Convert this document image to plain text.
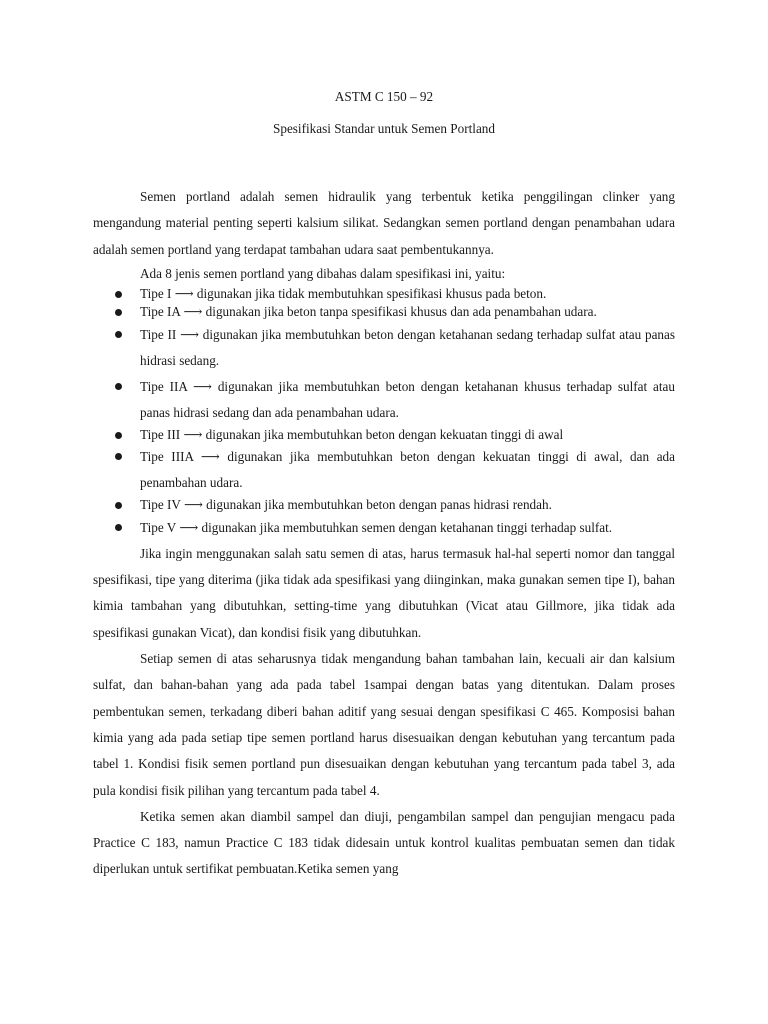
ASTM C 150 – 92
Spesifikasi Standar untuk Semen Portland

Semen portland adalah semen hidraulik yang terbentuk ketika penggilingan clinker yang mengandung material penting seperti kalsium silikat. Sedangkan semen portland dengan penambahan udara adalah semen portland yang terdapat tambahan udara saat pembentukannya.

Ada 8 jenis semen portland yang dibahas dalam spesifikasi ini, yaitu:

Tipe I ⟶ digunakan jika tidak membutuhkan spesifikasi khusus pada beton.
Tipe IA ⟶ digunakan jika beton tanpa spesifikasi khusus dan ada penambahan udara.
Tipe II ⟶ digunakan jika membutuhkan beton dengan ketahanan sedang terhadap sulfat atau panas hidrasi sedang.
Tipe IIA ⟶ digunakan jika membutuhkan beton dengan ketahanan khusus terhadap sulfat atau panas hidrasi sedang dan ada penambahan udara.
Tipe III ⟶ digunakan jika membutuhkan beton dengan kekuatan tinggi di awal
Tipe IIIA ⟶ digunakan jika membutuhkan beton dengan kekuatan tinggi di awal, dan ada penambahan udara.
Tipe IV ⟶ digunakan jika membutuhkan beton dengan panas hidrasi rendah.
Tipe V ⟶ digunakan jika membutuhkan semen dengan ketahanan tinggi terhadap sulfat.

Jika ingin menggunakan salah satu semen di atas, harus termasuk hal-hal seperti nomor dan tanggal spesifikasi, tipe yang diterima (jika tidak ada spesifikasi yang diinginkan, maka gunakan semen tipe I), bahan kimia tambahan yang dibutuhkan, setting-time yang dibutuhkan (Vicat atau Gillmore, jika tidak ada spesifikasi gunakan Vicat), dan kondisi fisik yang dibutuhkan.

Setiap semen di atas seharusnya tidak mengandung bahan tambahan lain, kecuali air dan kalsium sulfat, dan bahan-bahan yang ada pada tabel 1sampai dengan batas yang ditentukan. Dalam proses pembentukan semen, terkadang diberi bahan aditif yang sesuai dengan spesifikasi C 465. Komposisi bahan kimia yang ada pada setiap tipe semen portland harus disesuaikan dengan kebutuhan yang tercantum pada tabel 1. Kondisi fisik semen portland pun disesuaikan dengan kebutuhan yang tercantum pada tabel 3, ada pula kondisi fisik pilihan yang tercantum pada tabel 4.

Ketika semen akan diambil sampel dan diuji, pengambilan sampel dan pengujian mengacu pada Practice C 183, namun Practice C 183 tidak didesain untuk kontrol kualitas pembuatan semen dan tidak diperlukan untuk sertifikat pembuatan.Ketika semen yang
